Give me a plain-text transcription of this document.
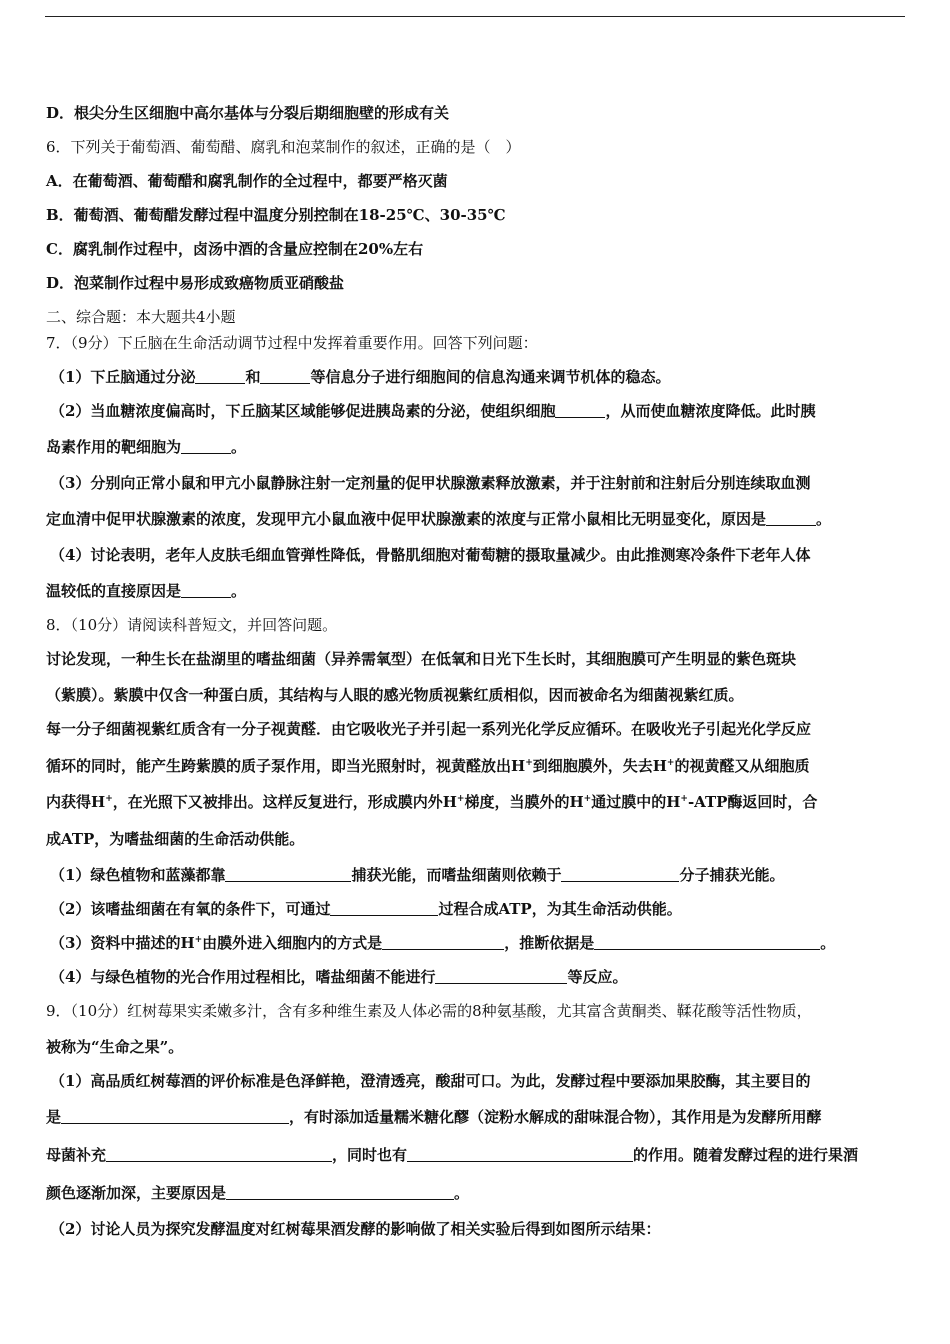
D．根尖分生区细胞中高尔基体与分裂后期细胞壁的形成有关
6．下列关于葡萄酒、葡萄醋、腐乳和泡菜制作的叙述，正确的是（　）
A．在葡萄酒、葡萄醋和腐乳制作的全过程中，都要严格灭菌
B．葡萄酒、葡萄醋发酵过程中温度分别控制在18-25℃、30-35℃
C．腐乳制作过程中，卤汤中酒的含量应控制在20%左右
D．泡菜制作过程中易形成致癌物质亚硝酸盐
二、综合题：本大题共4小题
7．（9分）下丘脑在生命活动调节过程中发挥着重要作用。回答下列问题：
（1）下丘脑通过分泌	和	等信息分子进行细胞间的信息沟通来调节机体的稳态。
（2）当血糖浓度偏高时，下丘脑某区域能够促进胰岛素的分泌，使组织细胞	，从而使血糖浓度降低。此时胰
岛素作用的靶细胞为	。
（3）分别向正常小鼠和甲亢小鼠静脉注射一定剂量的促甲状腺激素释放激素，并于注射前和注射后分别连续取血测
定血清中促甲状腺激素的浓度，发现甲亢小鼠血液中促甲状腺激素的浓度与正常小鼠相比无明显变化，原因是	。
（4）讨论表明，老年人皮肤毛细血管弹性降低，骨骼肌细胞对葡萄糖的摄取量减少。由此推测寒冷条件下老年人体
温较低的直接原因是	。
8．（10分）请阅读科普短文，并回答问题。
讨论发现，一种生长在盐湖里的嗜盐细菌（异养需氧型）在低氧和日光下生长时，其细胞膜可产生明显的紫色斑块
（紫膜）。紫膜中仅含一种蛋白质，其结构与人眼的感光物质视紫红质相似，因而被命名为细菌视紫红质。
每一分子细菌视紫红质含有一分子视黄醛．由它吸收光子并引起一系列光化学反应循环。在吸收光子引起光化学反应
循环的同时，能产生跨紫膜的质子泵作用，即当光照射时，视黄醛放出H+到细胞膜外，失去H+的视黄醛又从细胞质
内获得H+，在光照下又被排出。这样反复进行，形成膜内外H+梯度，当膜外的H+通过膜中的H+-ATP酶返回时，合
成ATP，为嗜盐细菌的生命活动供能。
（1）绿色植物和蓝藻都靠	捕获光能，而嗜盐细菌则依赖于	分子捕获光能。
（2）该嗜盐细菌在有氧的条件下，可通过	过程合成ATP，为其生命活动供能。
（3）资料中描述的H+由膜外进入细胞内的方式是	，推断依据是	。
（4）与绿色植物的光合作用过程相比，嗜盐细菌不能进行	等反应。
9．（10分）红树莓果实柔嫩多汁，含有多种维生素及人体必需的8种氨基酸，尤其富含黄酮类、鞣花酸等活性物质，
被称为“生命之果”。
（1）高品质红树莓酒的评价标准是色泽鲜艳，澄清透亮，酸甜可口。为此，发酵过程中要添加果胶酶，其主要目的
是	，有时添加适量糯米糖化醪（淀粉水解成的甜味混合物），其作用是为发酵所用酵
母菌补充	，同时也有	的作用。随着发酵过程的进行果酒
颜色逐渐加深，主要原因是	。
（2）讨论人员为探究发酵温度对红树莓果酒发酵的影响做了相关实验后得到如图所示结果：
